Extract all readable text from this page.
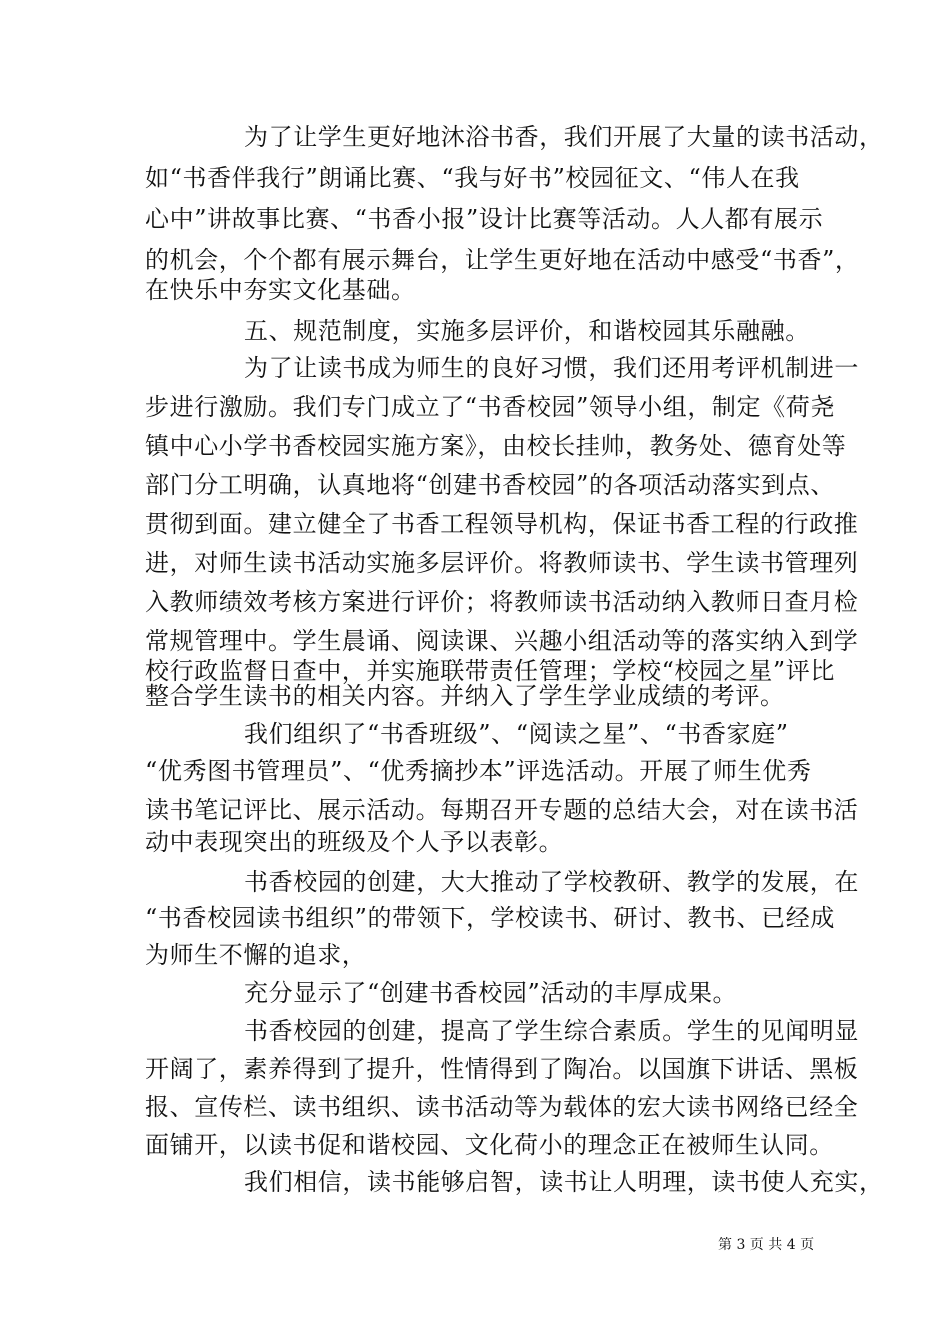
为了让学生更好地沐浴书香，我们开展了大量的读书活动，
如“书香伴我行”朗诵比赛、“我与好书”校园征文、“伟人在我
心中”讲故事比赛、“书香小报”设计比赛等活动。人人都有展示
的机会，个个都有展示舞台，让学生更好地在活动中感受“书香”，
在快乐中夯实文化基础。
五、规范制度，实施多层评价，和谐校园其乐融融。
为了让读书成为师生的良好习惯，我们还用考评机制进一
步进行激励。我们专门成立了“书香校园”领导小组，制定《荷尧
镇中心小学书香校园实施方案》，由校长挂帅，教务处、德育处等
部门分工明确，认真地将“创建书香校园”的各项活动落实到点、
贯彻到面。建立健全了书香工程领导机构，保证书香工程的行政推
进，对师生读书活动实施多层评价。将教师读书、学生读书管理列
入教师绩效考核方案进行评价；将教师读书活动纳入教师日查月检
常规管理中。学生晨诵、阅读课、兴趣小组活动等的落实纳入到学
校行政监督日查中，并实施联带责任管理；学校“校园之星”评比
整合学生读书的相关内容。并纳入了学生学业成绩的考评。
我们组织了“书香班级”、“阅读之星”、“书香家庭”
“优秀图书管理员”、“优秀摘抄本”评选活动。开展了师生优秀
读书笔记评比、展示活动。每期召开专题的总结大会，对在读书活
动中表现突出的班级及个人予以表彰。
书香校园的创建，大大推动了学校教研、教学的发展，在
“书香校园读书组织”的带领下，学校读书、研讨、教书、已经成
为师生不懈的追求，
充分显示了“创建书香校园”活动的丰厚成果。
书香校园的创建，提高了学生综合素质。学生的见闻明显
开阔了，素养得到了提升，性情得到了陶冶。以国旗下讲话、黑板
报、宣传栏、读书组织、读书活动等为载体的宏大读书网络已经全
面铺开，以读书促和谐校园、文化荷小的理念正在被师生认同。
我们相信，读书能够启智，读书让人明理，读书使人充实，
第 3 页 共 4 页
